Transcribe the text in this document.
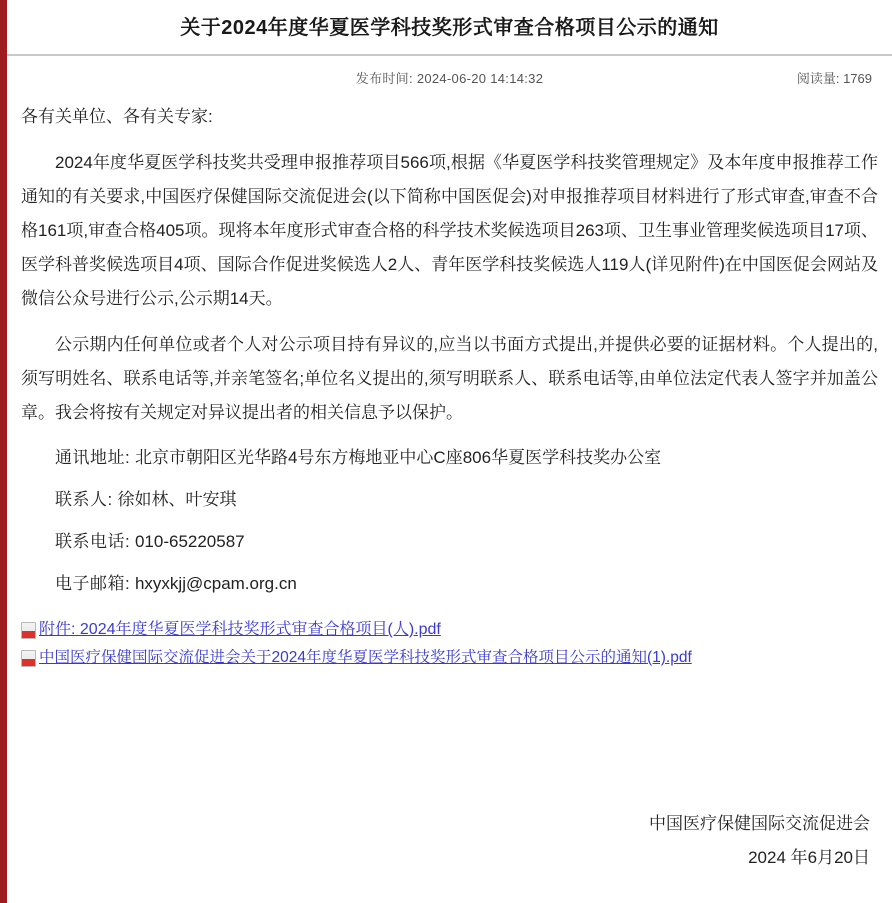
关于2024年度华夏医学科技奖形式审查合格项目公示的通知
发布时间: 2024-06-20 14:14:32	阅读量: 1769

各有关单位、各有关专家:

2024年度华夏医学科技奖共受理申报推荐项目566项,根据《华夏医学科技奖管理规定》及本年度申报推荐工作通知的有关要求,中国医疗保健国际交流促进会(以下简称中国医促会)对申报推荐项目材料进行了形式审查,审查不合格161项,审查合格405项。现将本年度形式审查合格的科学技术奖候选项目263项、卫生事业管理奖候选项目17项、医学科普奖候选项目4项、国际合作促进奖候选人2人、青年医学科技奖候选人119人(详见附件)在中国医促会网站及微信公众号进行公示,公示期14天。

公示期内任何单位或者个人对公示项目持有异议的,应当以书面方式提出,并提供必要的证据材料。个人提出的,须写明姓名、联系电话等,并亲笔签名;单位名义提出的,须写明联系人、联系电话等,由单位法定代表人签字并加盖公章。我会将按有关规定对异议提出者的相关信息予以保护。

通讯地址: 北京市朝阳区光华路4号东方梅地亚中心C座806华夏医学科技奖办公室
联系人: 徐如林、叶安琪
联系电话: 010-65220587
电子邮箱: hxyxkjj@cpam.org.cn
附件: 2024年度华夏医学科技奖形式审查合格项目(人).pdf
中国医疗保健国际交流促进会关于2024年度华夏医学科技奖形式审查合格项目公示的通知(1).pdf
中国医疗保健国际交流促进会
2024 年6月20日
